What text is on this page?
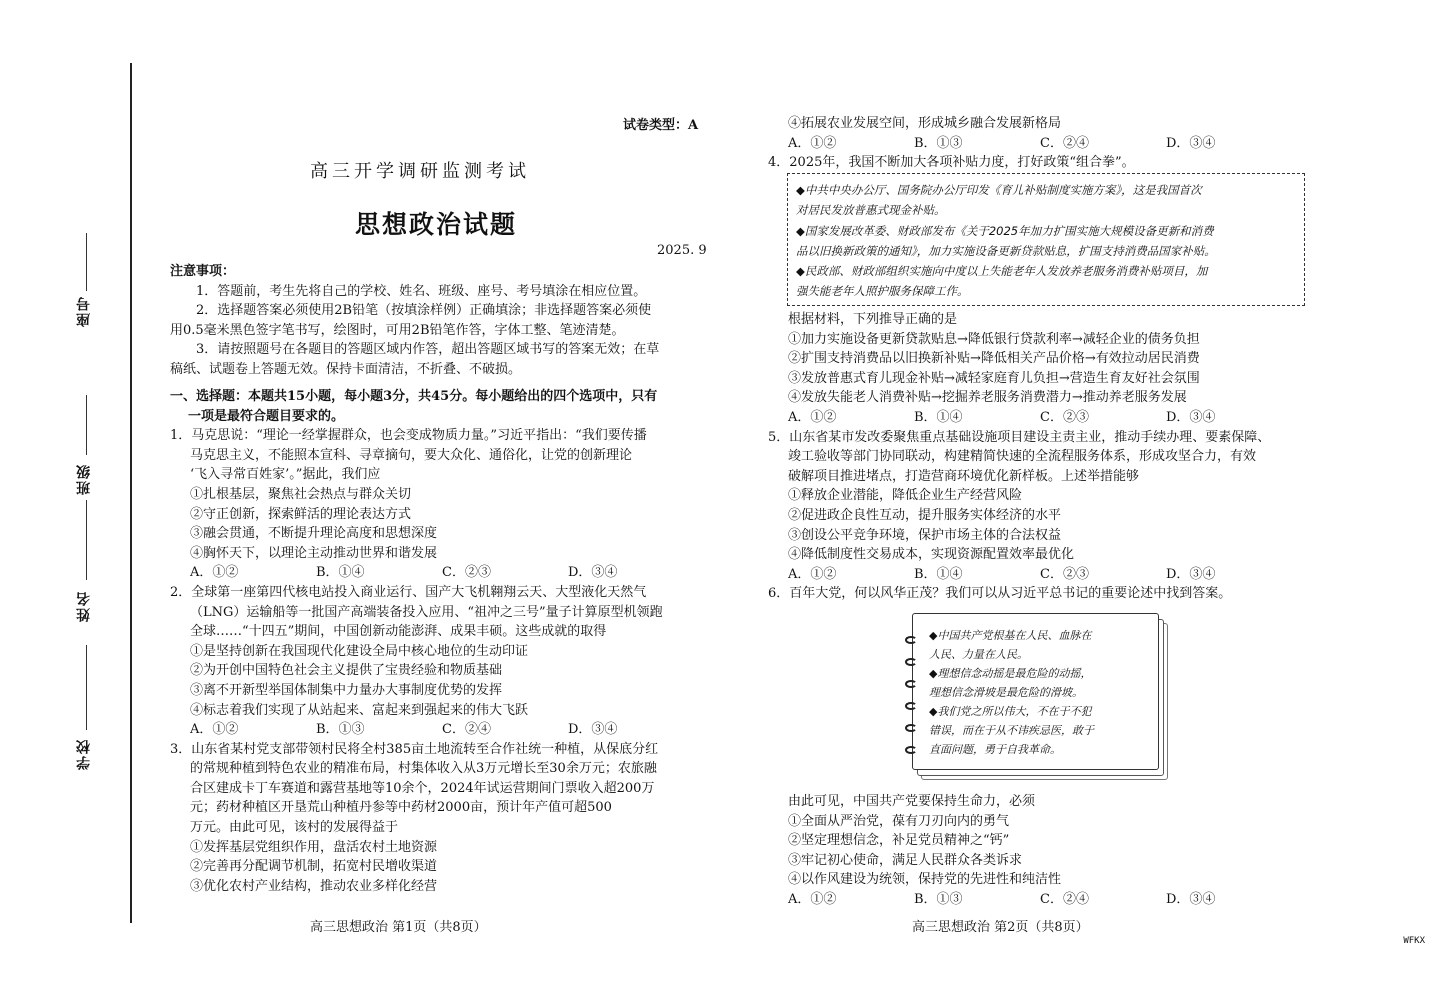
座号
班级
姓名
学校
试卷类型：A
高三开学调研监测考试
思想政治试题
2025. 9
注意事项：
1．答题前，考生先将自己的学校、姓名、班级、座号、考号填涂在相应位置。
2．选择题答案必须使用2B铅笔（按填涂样例）正确填涂；非选择题答案必须使
用0.5毫米黑色签字笔书写，绘图时，可用2B铅笔作答，字体工整、笔迹清楚。
3．请按照题号在各题目的答题区域内作答，超出答题区域书写的答案无效；在草
稿纸、试题卷上答题无效。保持卡面清洁，不折叠、不破损。
一、选择题：本题共15小题，每小题3分，共45分。每小题给出的四个选项中，只有
一项是最符合题目要求的。
1．马克思说：“理论一经掌握群众，也会变成物质力量。”习近平指出：“我们要传播
马克思主义，不能照本宣科、寻章摘句，要大众化、通俗化，让党的创新理论
‘飞入寻常百姓家’。”据此，我们应
①扎根基层，聚焦社会热点与群众关切
②守正创新，探索鲜活的理论表达方式
③融会贯通，不断提升理论高度和思想深度
④胸怀天下，以理论主动推动世界和谐发展
A．①②	B．①④	C．②③	D．③④
2．全球第一座第四代核电站投入商业运行、国产大飞机翱翔云天、大型液化天然气
（LNG）运输船等一批国产高端装备投入应用、“祖冲之三号”量子计算原型机领跑
全球……“十四五”期间，中国创新动能澎湃、成果丰硕。这些成就的取得
①是坚持创新在我国现代化建设全局中核心地位的生动印证
②为开创中国特色社会主义提供了宝贵经验和物质基础
③离不开新型举国体制集中力量办大事制度优势的发挥
④标志着我们实现了从站起来、富起来到强起来的伟大飞跃
A．①②	B．①③	C．②④	D．③④
3．山东省某村党支部带领村民将全村385亩土地流转至合作社统一种植，从保底分红
的常规种植到特色农业的精准布局，村集体收入从3万元增长至30余万元；农旅融
合区建成卡丁车赛道和露营基地等10余个，2024年试运营期间门票收入超200万
元；药材种植区开垦荒山种植丹参等中药材2000亩，预计年产值可超500
万元。由此可见，该村的发展得益于
①发挥基层党组织作用，盘活农村土地资源
②完善再分配调节机制，拓宽村民增收渠道
③优化农村产业结构，推动农业多样化经营
高三思想政治 第1页（共8页）
④拓展农业发展空间，形成城乡融合发展新格局
A．①②	B．①③	C．②④	D．③④
4．2025年，我国不断加大各项补贴力度，打好政策“组合拳”。
◆中共中央办公厅、国务院办公厅印发《育儿补贴制度实施方案》，这是我国首次
对居民发放普惠式现金补贴。
◆国家发展改革委、财政部发布《关于2025年加力扩围实施大规模设备更新和消费
品以旧换新政策的通知》，加力实施设备更新贷款贴息，扩围支持消费品国家补贴。
◆民政部、财政部组织实施向中度以上失能老年人发放养老服务消费补贴项目，加
强失能老年人照护服务保障工作。
根据材料，下列推导正确的是
①加力实施设备更新贷款贴息→降低银行贷款利率→减轻企业的债务负担
②扩围支持消费品以旧换新补贴→降低相关产品价格→有效拉动居民消费
③发放普惠式育儿现金补贴→减轻家庭育儿负担→营造生育友好社会氛围
④发放失能老人消费补贴→挖掘养老服务消费潜力→推动养老服务发展
A．①②	B．①④	C．②③	D．③④
5．山东省某市发改委聚焦重点基础设施项目建设主责主业，推动手续办理、要素保障、
竣工验收等部门协同联动，构建精简快速的全流程服务体系，形成攻坚合力，有效
破解项目推进堵点，打造营商环境优化新样板。上述举措能够
①释放企业潜能，降低企业生产经营风险
②促进政企良性互动，提升服务实体经济的水平
③创设公平竞争环境，保护市场主体的合法权益
④降低制度性交易成本，实现资源配置效率最优化
A．①②	B．①④	C．②③	D．③④
6．百年大党，何以风华正茂？我们可以从习近平总书记的重要论述中找到答案。
◆中国共产党根基在人民、血脉在
人民、力量在人民。
◆理想信念动摇是最危险的动摇，
理想信念滑坡是最危险的滑坡。
◆我们党之所以伟大，不在于不犯
错误，而在于从不讳疾忌医，敢于
直面问题，勇于自我革命。
由此可见，中国共产党要保持生命力，必须
①全面从严治党，葆有刀刃向内的勇气
②坚定理想信念，补足党员精神之“钙”
③牢记初心使命，满足人民群众各类诉求
④以作风建设为统领，保持党的先进性和纯洁性
A．①②	B．①③	C．②④	D．③④
高三思想政治 第2页（共8页）
WFKX
